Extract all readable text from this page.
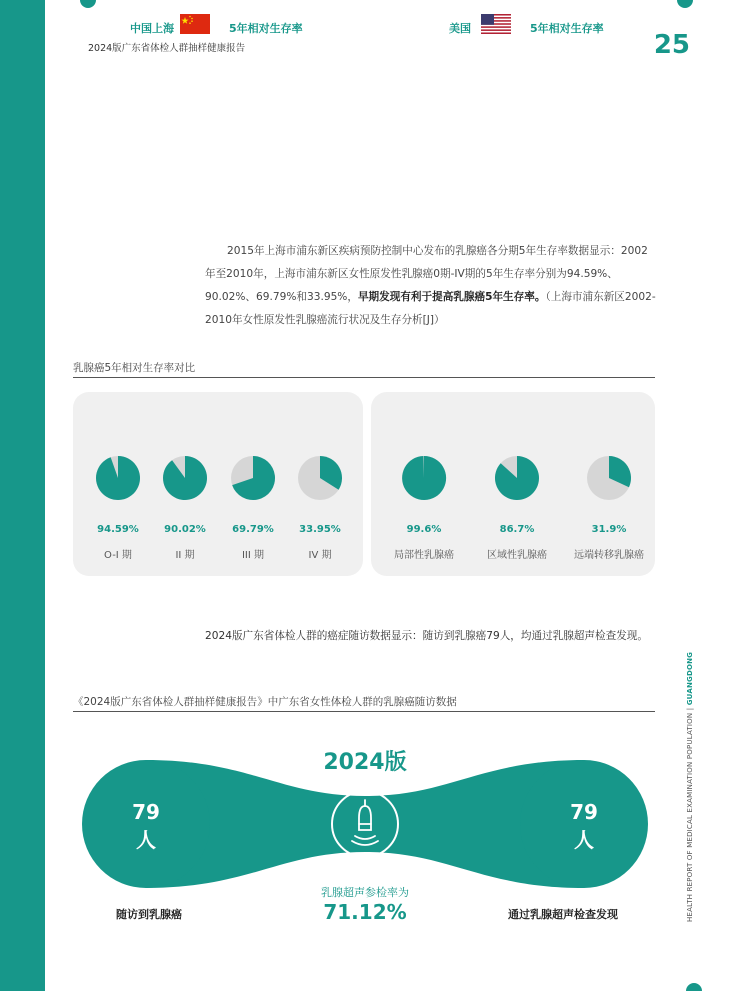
2024版广东省体检人群抽样健康报告	25
2015年上海市浦东新区疾病预防控制中心发布的乳腺癌各分期5年生存率数据显示：2002年至2010年，上海市浦东新区女性原发性乳腺癌0期-IV期的5年生存率分别为94.59%、90.02%、69.79%和33.95%，早期发现有利于提高乳腺癌5年生存率。（上海市浦东新区2002-2010年女性原发性乳腺癌流行状况及生存分析[J]）
乳腺癌5年相对生存率对比
中国上海	5年相对生存率	美国	5年相对生存率
94.59%
O-I 期
90.02%
II 期
69.79%
III 期
33.95%
IV 期
99.6%
局部性乳腺癌
86.7%
区域性乳腺癌
31.9%
远端转移乳腺癌
2024版广东省体检人群的癌症随访数据显示：随访到乳腺癌79人，均通过乳腺超声检查发现。
《2024版广东省体检人群抽样健康报告》中广东省女性体检人群的乳腺癌随访数据
2024版
79
人
79
人
随访到乳腺癌	通过乳腺超声检查发现
乳腺超声参检率为
71.12%	HEALTH REPORT OF MEDICAL EXAMINATION POPULATION | GUANGDONG
